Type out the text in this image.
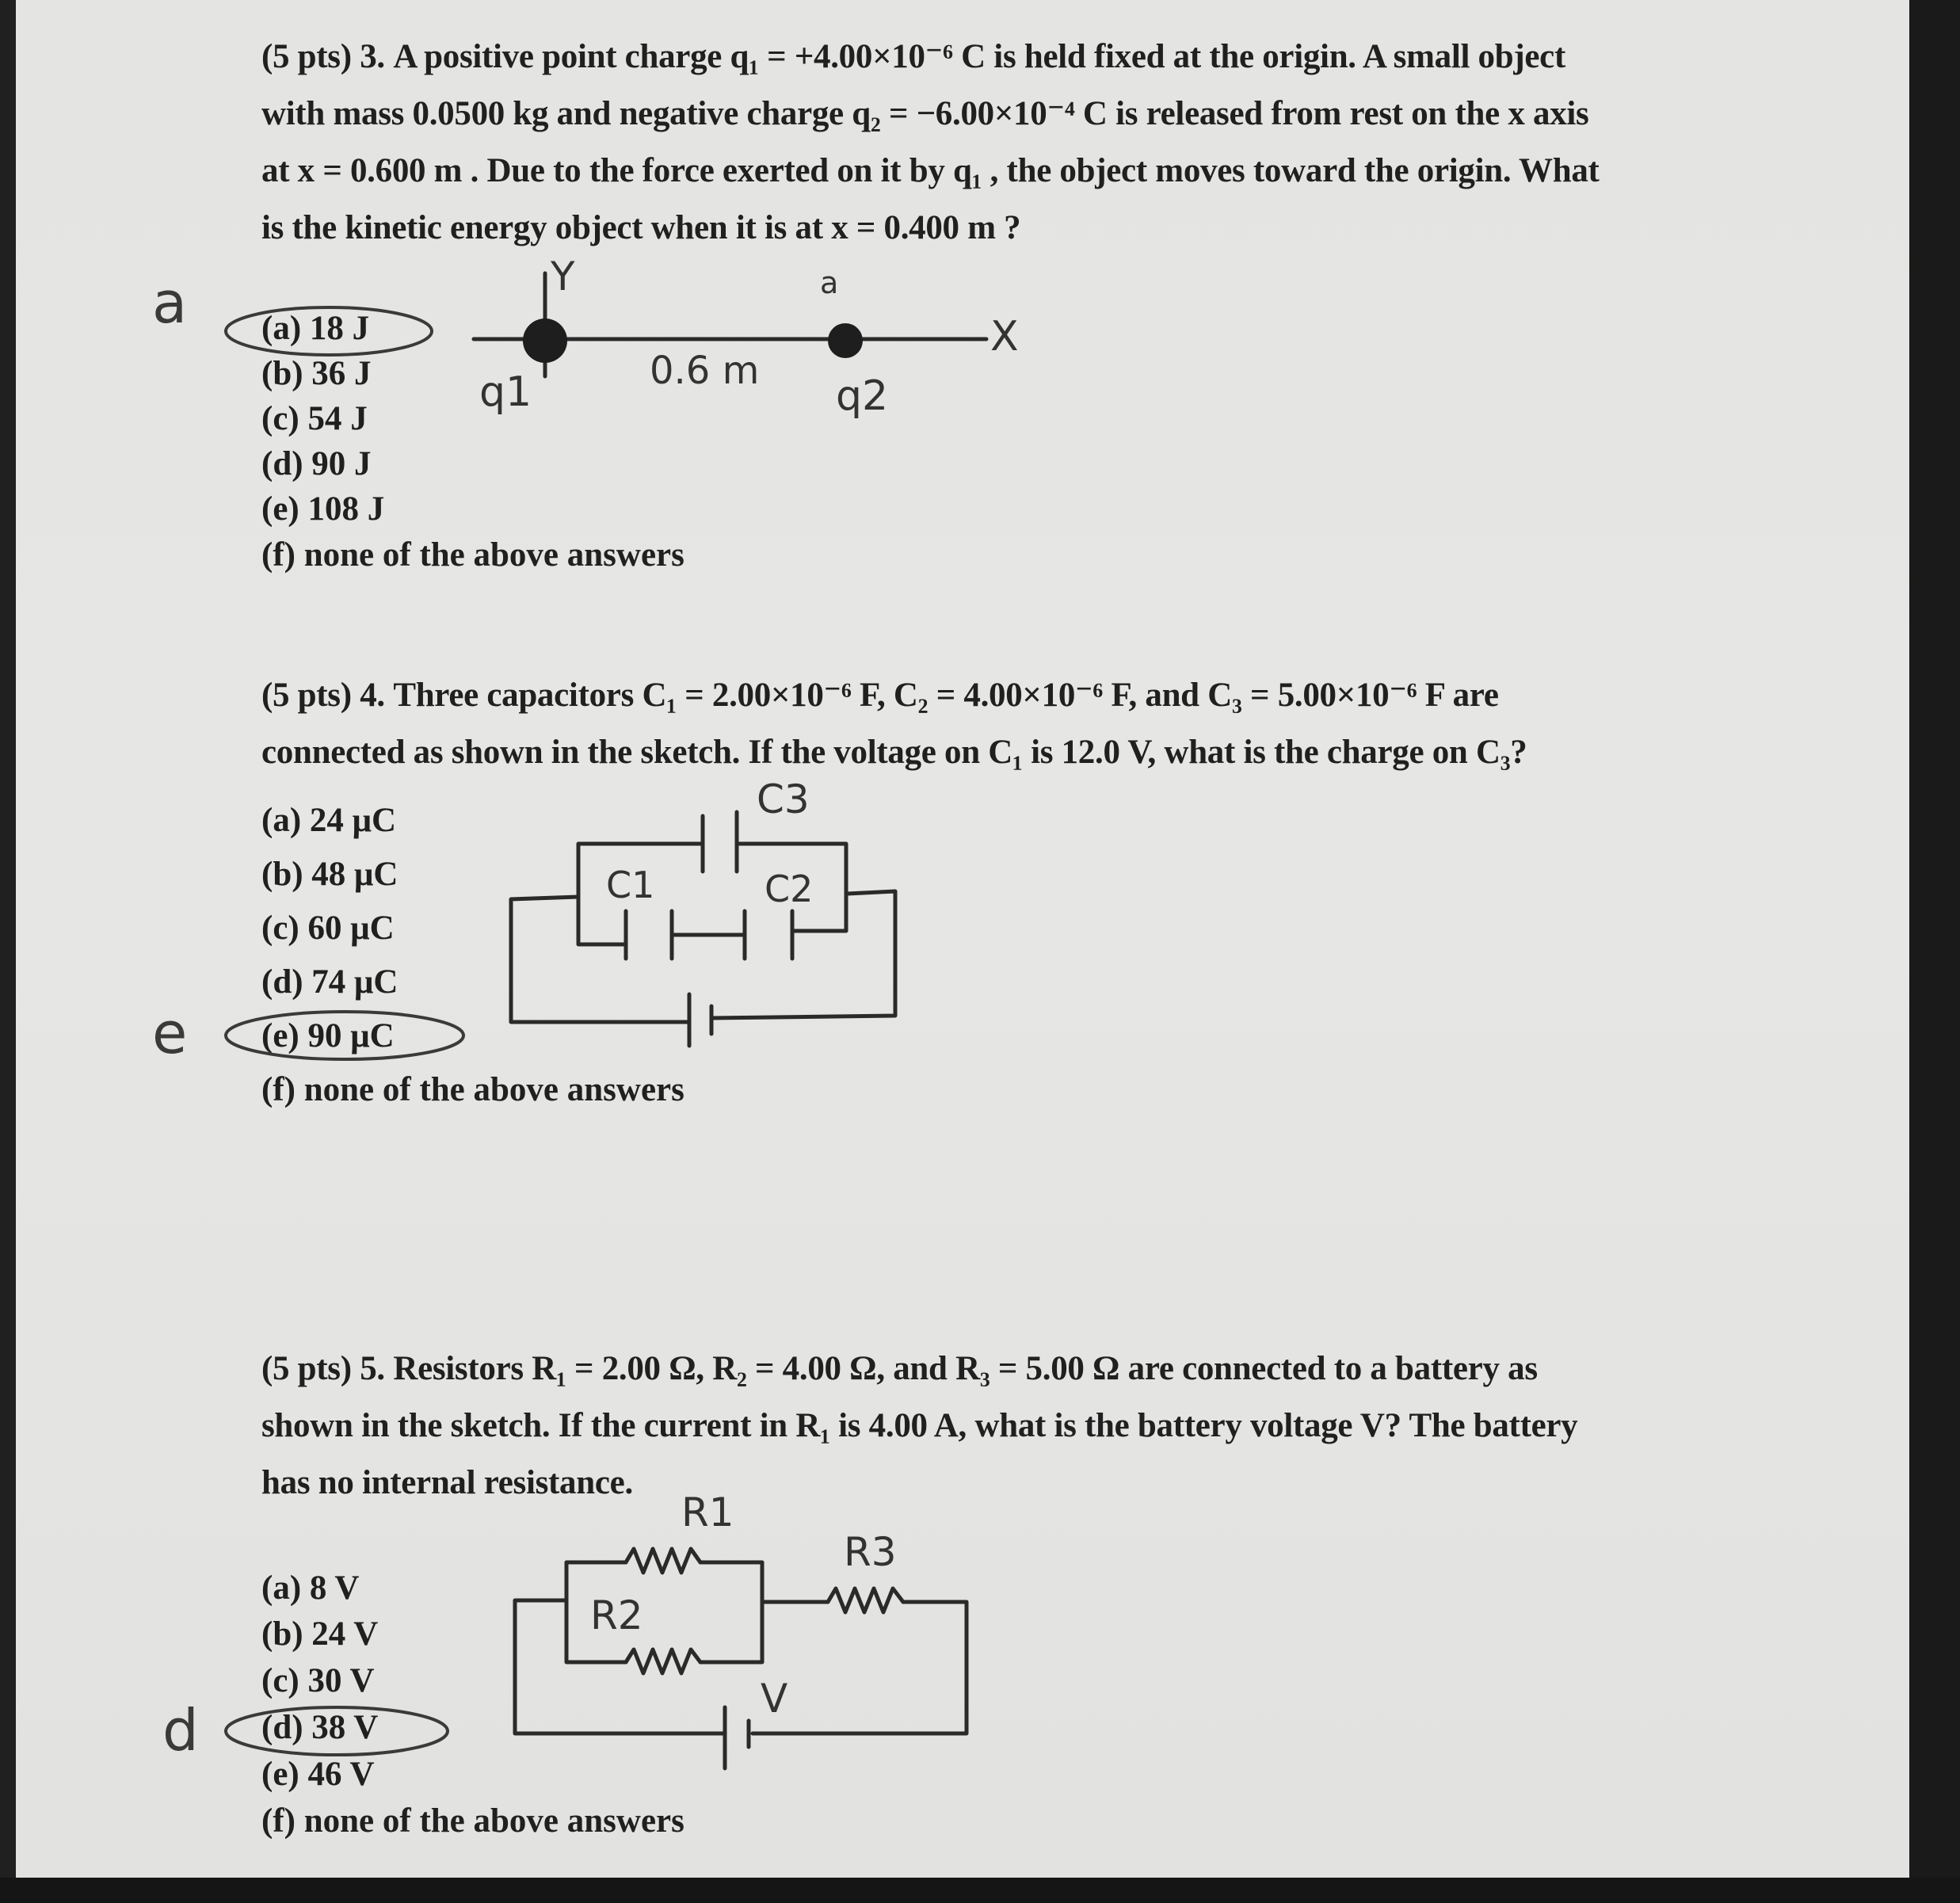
(5 pts) 3. A positive point charge q₁ = +4.00×10⁻⁶ C is held fixed at the origin. A small object
with mass 0.0500 kg and negative charge q₂ = −6.00×10⁻⁴ C is released from rest on the x axis
at x = 0.600 m . Due to the force exerted on it by q₁ , the object moves toward the origin. What
is the kinetic energy object when it is at x = 0.400 m ?
(a) 18 J
(b) 36 J
(c) 54 J
(d) 90 J
(e) 108 J
(f) none of the above answers
a	Y	a
X
0.6 m
q1	q2
(5 pts) 4. Three capacitors C₁ = 2.00×10⁻⁶ F, C₂ = 4.00×10⁻⁶ F, and C₃ = 5.00×10⁻⁶ F are
connected as shown in the sketch. If the voltage on C₁ is 12.0 V, what is the charge on C₃?
(a) 24 μC
(b) 48 μC
(c) 60 μC
(d) 74 μC
(e) 90 μC
(f) none of the above answers
e
C3
C1	C2
(5 pts) 5. Resistors R₁ = 2.00 Ω, R₂ = 4.00 Ω, and R₃ = 5.00 Ω are connected to a battery as
shown in the sketch. If the current in R₁ is 4.00 A, what is the battery voltage V? The battery
has no internal resistance.
(a) 8 V
(b) 24 V
(c) 30 V
(d) 38 V
(e) 46 V
(f) none of the above answers
d
R1
R3
R2
V
